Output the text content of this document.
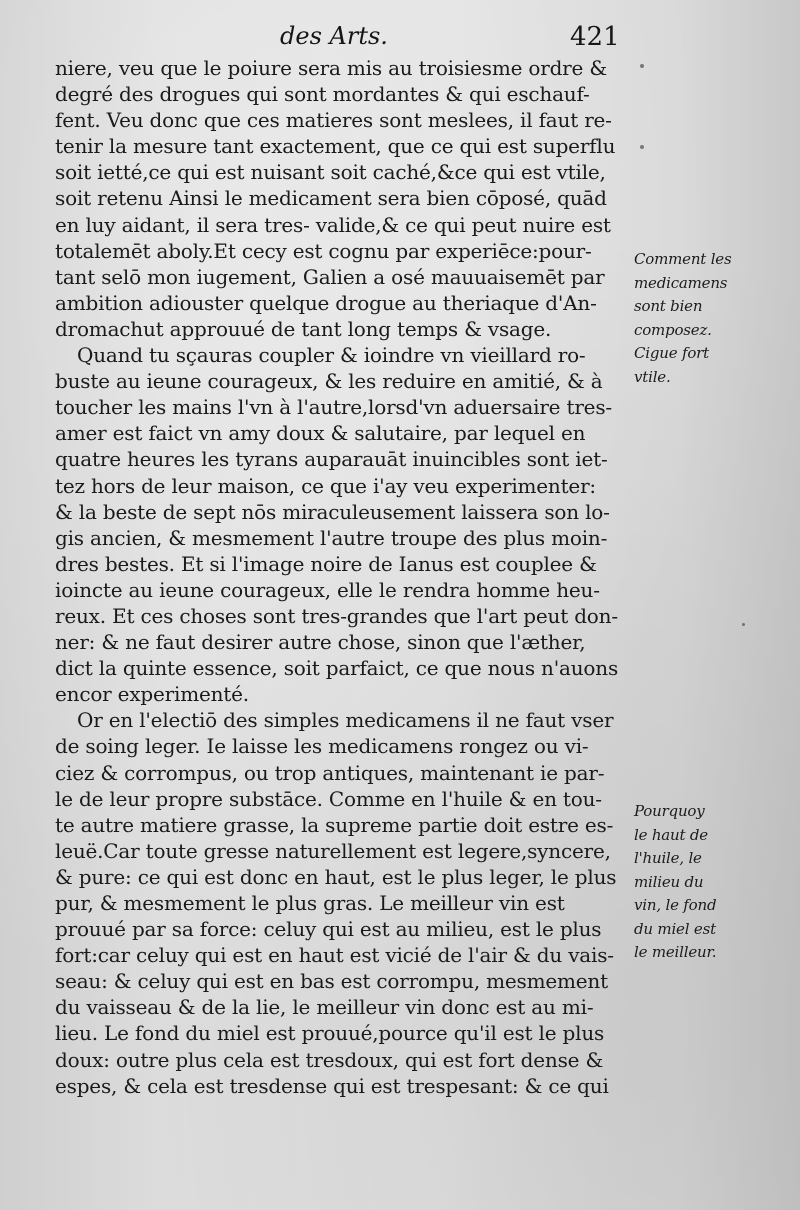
des Arts.	421
niere, veu que le poiure sera mis au troisiesme ordre &
degré des drogues qui sont mordantes & qui eschauf-
fent. Veu donc que ces matieres sont meslees, il faut re-
tenir la mesure tant exactement, que ce qui est superflu
soit ietté,ce qui est nuisant soit caché,&ce qui est vtile,
soit retenu Ainsi le medicament sera bien cōposé, quād
en luy aidant, il sera tres- valide,& ce qui peut nuire est
totalemēt aboly.Et cecy est cognu par experiēce:pour-
tant selō mon iugement, Galien a osé mauuaisemēt par
ambition adiouster quelque drogue au theriaque d'An-
dromachut approuué de tant long temps & vsage.
Quand tu sçauras coupler & ioindre vn vieillard ro-
buste au ieune courageux, & les reduire en amitié, & à
toucher les mains l'vn à l'autre,lorsd'vn aduersaire tres-
amer est faict vn amy doux & salutaire, par lequel en
quatre heures les tyrans auparauāt inuincibles sont iet-
tez hors de leur maison, ce que i'ay veu experimenter:
& la beste de sept nōs miraculeusement laissera son lo-
gis ancien, & mesmement l'autre troupe des plus moin-
dres bestes. Et si l'image noire de Ianus est couplee &
ioincte au ieune courageux, elle le rendra homme heu-
reux. Et ces choses sont tres-grandes que l'art peut don-
ner: & ne faut desirer autre chose, sinon que l'æther,
dict la quinte essence, soit parfaict, ce que nous n'auons
encor experimenté.
Or en l'electiō des simples medicamens il ne faut vser
de soing leger. Ie laisse les medicamens rongez ou vi-
ciez & corrompus, ou trop antiques, maintenant ie par-
le de leur propre substāce. Comme en l'huile & en tou-
te autre matiere grasse, la supreme partie doit estre es-
leuë.Car toute gresse naturellement est legere,syncere,
& pure: ce qui est donc en haut, est le plus leger, le plus
pur, & mesmement le plus gras. Le meilleur vin est
prouué par sa force: celuy qui est au milieu, est le plus
fort:car celuy qui est en haut est vicié de l'air & du vais-
seau: & celuy qui est en bas est corrompu, mesmement
du vaisseau & de la lie, le meilleur vin donc est au mi-
lieu. Le fond du miel est prouué,pource qu'il est le plus
doux: outre plus cela est tresdoux, qui est fort dense &
espes, & cela est tresdense qui est trespesant: & ce qui
Comment les
medicamens
sont bien
composez.
Cigue fort
vtile.
Pourquoy
le haut de
l'huile, le
milieu du
vin, le fond
du miel est
le meilleur.
